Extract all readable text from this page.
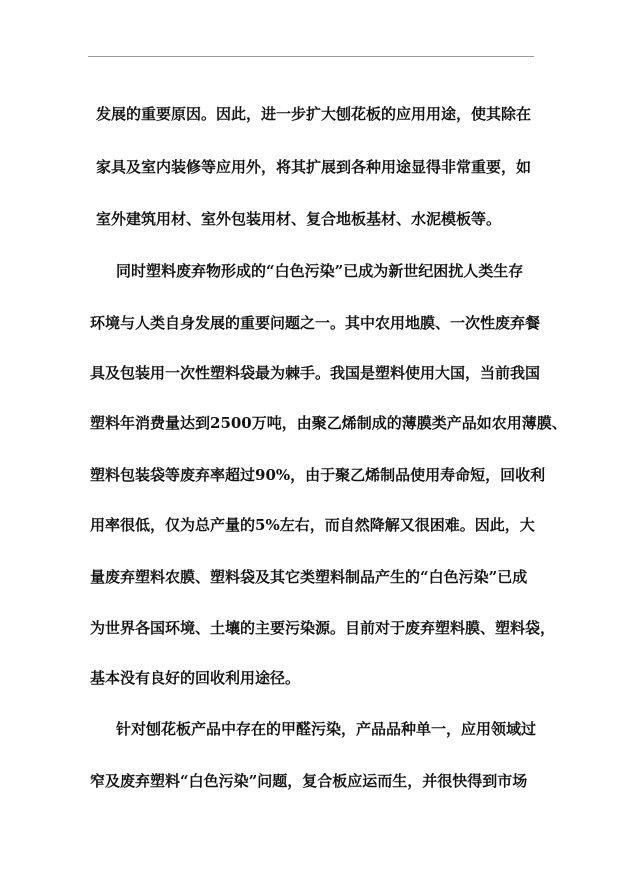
发展的重要原因。因此，进一步扩大刨花板的应用用途，使其除在
家具及室内装修等应用外，将其扩展到各种用途显得非常重要，如
室外建筑用材、室外包装用材、复合地板基材、水泥模板等。
同时塑料废弃物形成的“白色污染”已成为新世纪困扰人类生存
环境与人类自身发展的重要问题之一。其中农用地膜、一次性废弃餐
具及包装用一次性塑料袋最为棘手。我国是塑料使用大国，当前我国
塑料年消费量达到2500万吨，由聚乙烯制成的薄膜类产品如农用薄膜、
塑料包装袋等废弃率超过90%，由于聚乙烯制品使用寿命短，回收利
用率很低，仅为总产量的5%左右，而自然降解又很困难。因此，大
量废弃塑料农膜、塑料袋及其它类塑料制品产生的“白色污染”已成
为世界各国环境、土壤的主要污染源。目前对于废弃塑料膜、塑料袋，
基本没有良好的回收利用途径。
针对刨花板产品中存在的甲醛污染，产品品种单一，应用领域过
窄及废弃塑料“白色污染”问题，复合板应运而生，并很快得到市场
